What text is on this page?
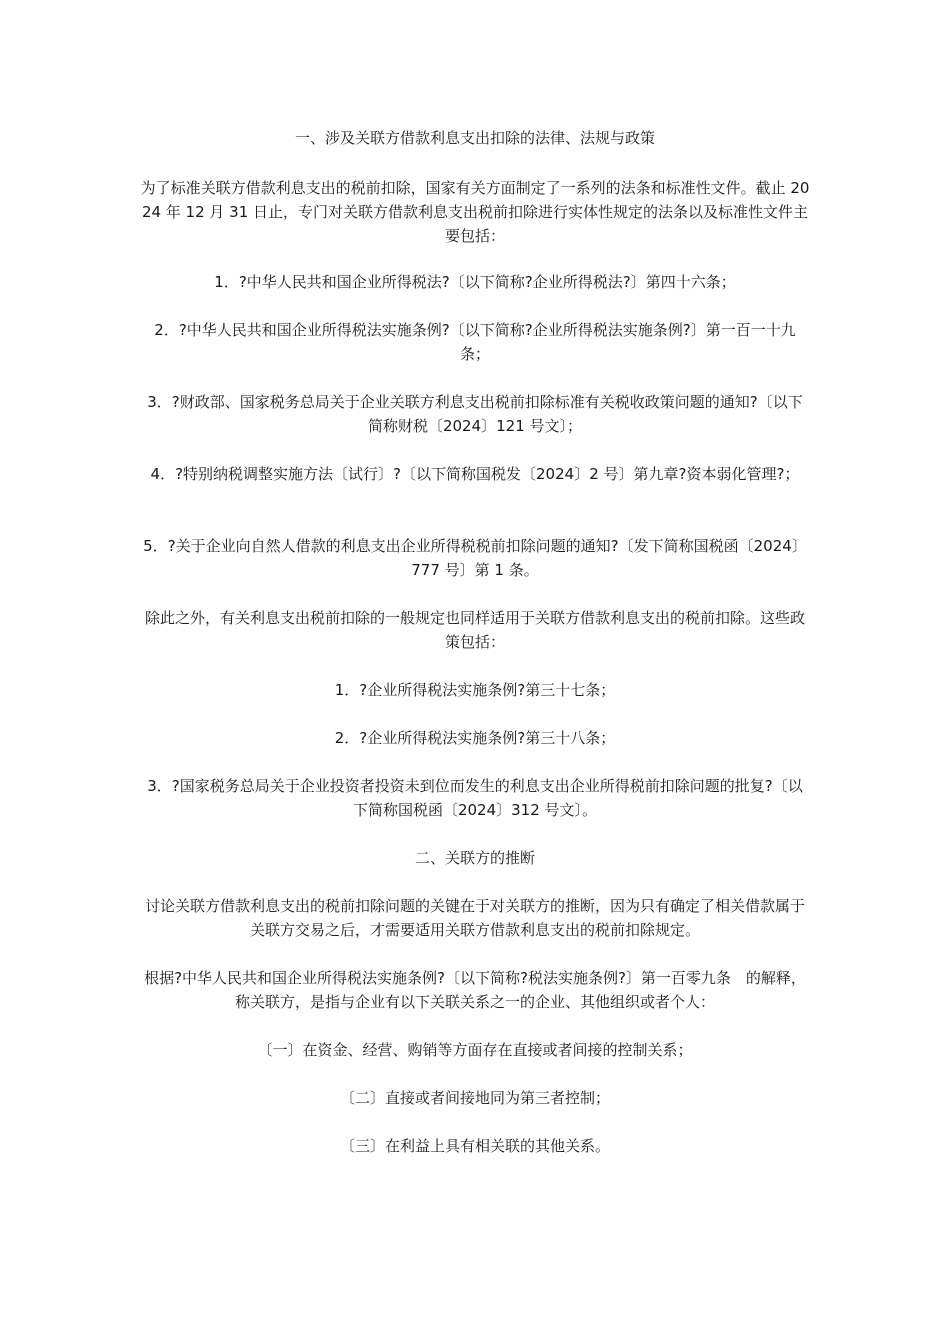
一、涉及关联方借款利息支出扣除的法律、法规与政策

为了标准关联方借款利息支出的税前扣除，国家有关方面制定了一系列的法条和标准性文件。截止 2024 年 12 月 31 日止，专门对关联方借款利息支出税前扣除进行实体性规定的法条以及标准性文件主要包括：

1．?中华人民共和国企业所得税法?〔以下简称?企业所得税法?〕第四十六条；

2．?中华人民共和国企业所得税法实施条例?〔以下简称?企业所得税法实施条例?〕第一百一十九条；

3．?财政部、国家税务总局关于企业关联方利息支出税前扣除标准有关税收政策问题的通知?〔以下简称财税〔2024〕121 号文〕；

4．?特别纳税调整实施方法〔试行〕?〔以下简称国税发〔2024〕2 号〕第九章?资本弱化管理?；

5．?关于企业向自然人借款的利息支出企业所得税税前扣除问题的通知?〔发下简称国税函〔2024〕777 号〕第 1 条。

除此之外，有关利息支出税前扣除的一般规定也同样适用于关联方借款利息支出的税前扣除。这些政策包括：

1．?企业所得税法实施条例?第三十七条；

2．?企业所得税法实施条例?第三十八条；

3．?国家税务总局关于企业投资者投资未到位而发生的利息支出企业所得税前扣除问题的批复?〔以下简称国税函〔2024〕312 号文〕。

二、关联方的推断

讨论关联方借款利息支出的税前扣除问题的关键在于对关联方的推断，因为只有确定了相关借款属于关联方交易之后，才需要适用关联方借款利息支出的税前扣除规定。

根据?中华人民共和国企业所得税法实施条例?〔以下简称?税法实施条例?〕第一百零九条　的解释，称关联方，是指与企业有以下关联关系之一的企业、其他组织或者个人：

〔一〕在资金、经营、购销等方面存在直接或者间接的控制关系；

〔二〕直接或者间接地同为第三者控制；

〔三〕在利益上具有相关联的其他关系。
